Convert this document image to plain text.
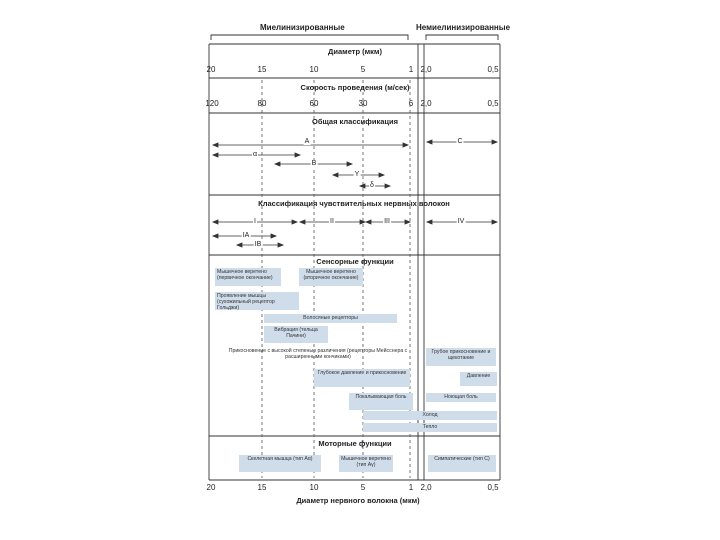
Миелинизированные	Немиелинизированные
Диаметр (мкм)
Скорость проведения (м/сек)
Общая классификация
Классификация чувствительных нервных волокон
Сенсорные функции
Моторные функции
Диаметр нервного волокна (мкм)
20	15	10	5	1 2,0	0,5
120	80	60	30	6 2,0	0,5
20	15	10	5	1 2,0	0,5
A
α
B
Y
δ
C
I
IA
IB
II	III	IV
Мышечное веретено (первичное окончание)
Мышечное веретено (вторичное окончание)
Проявление мышцы (сухожильный рецептор Гольджи)
Волосяные рецепторы
Вибрация (тельца Пачини)
Прикосновение с высокой степенью различения (рецепторы Мейсснера с расширенными кончиками)
Грубое прикосновение и щекотание
Глубокое давление и прикосновение	Давление
Покалывающая боль	Ноющая боль
Холод
Тепло
Скелетная мышца (тип Aα)	Мышечное веретено (тип Aγ)
Симпатические (тип C)
